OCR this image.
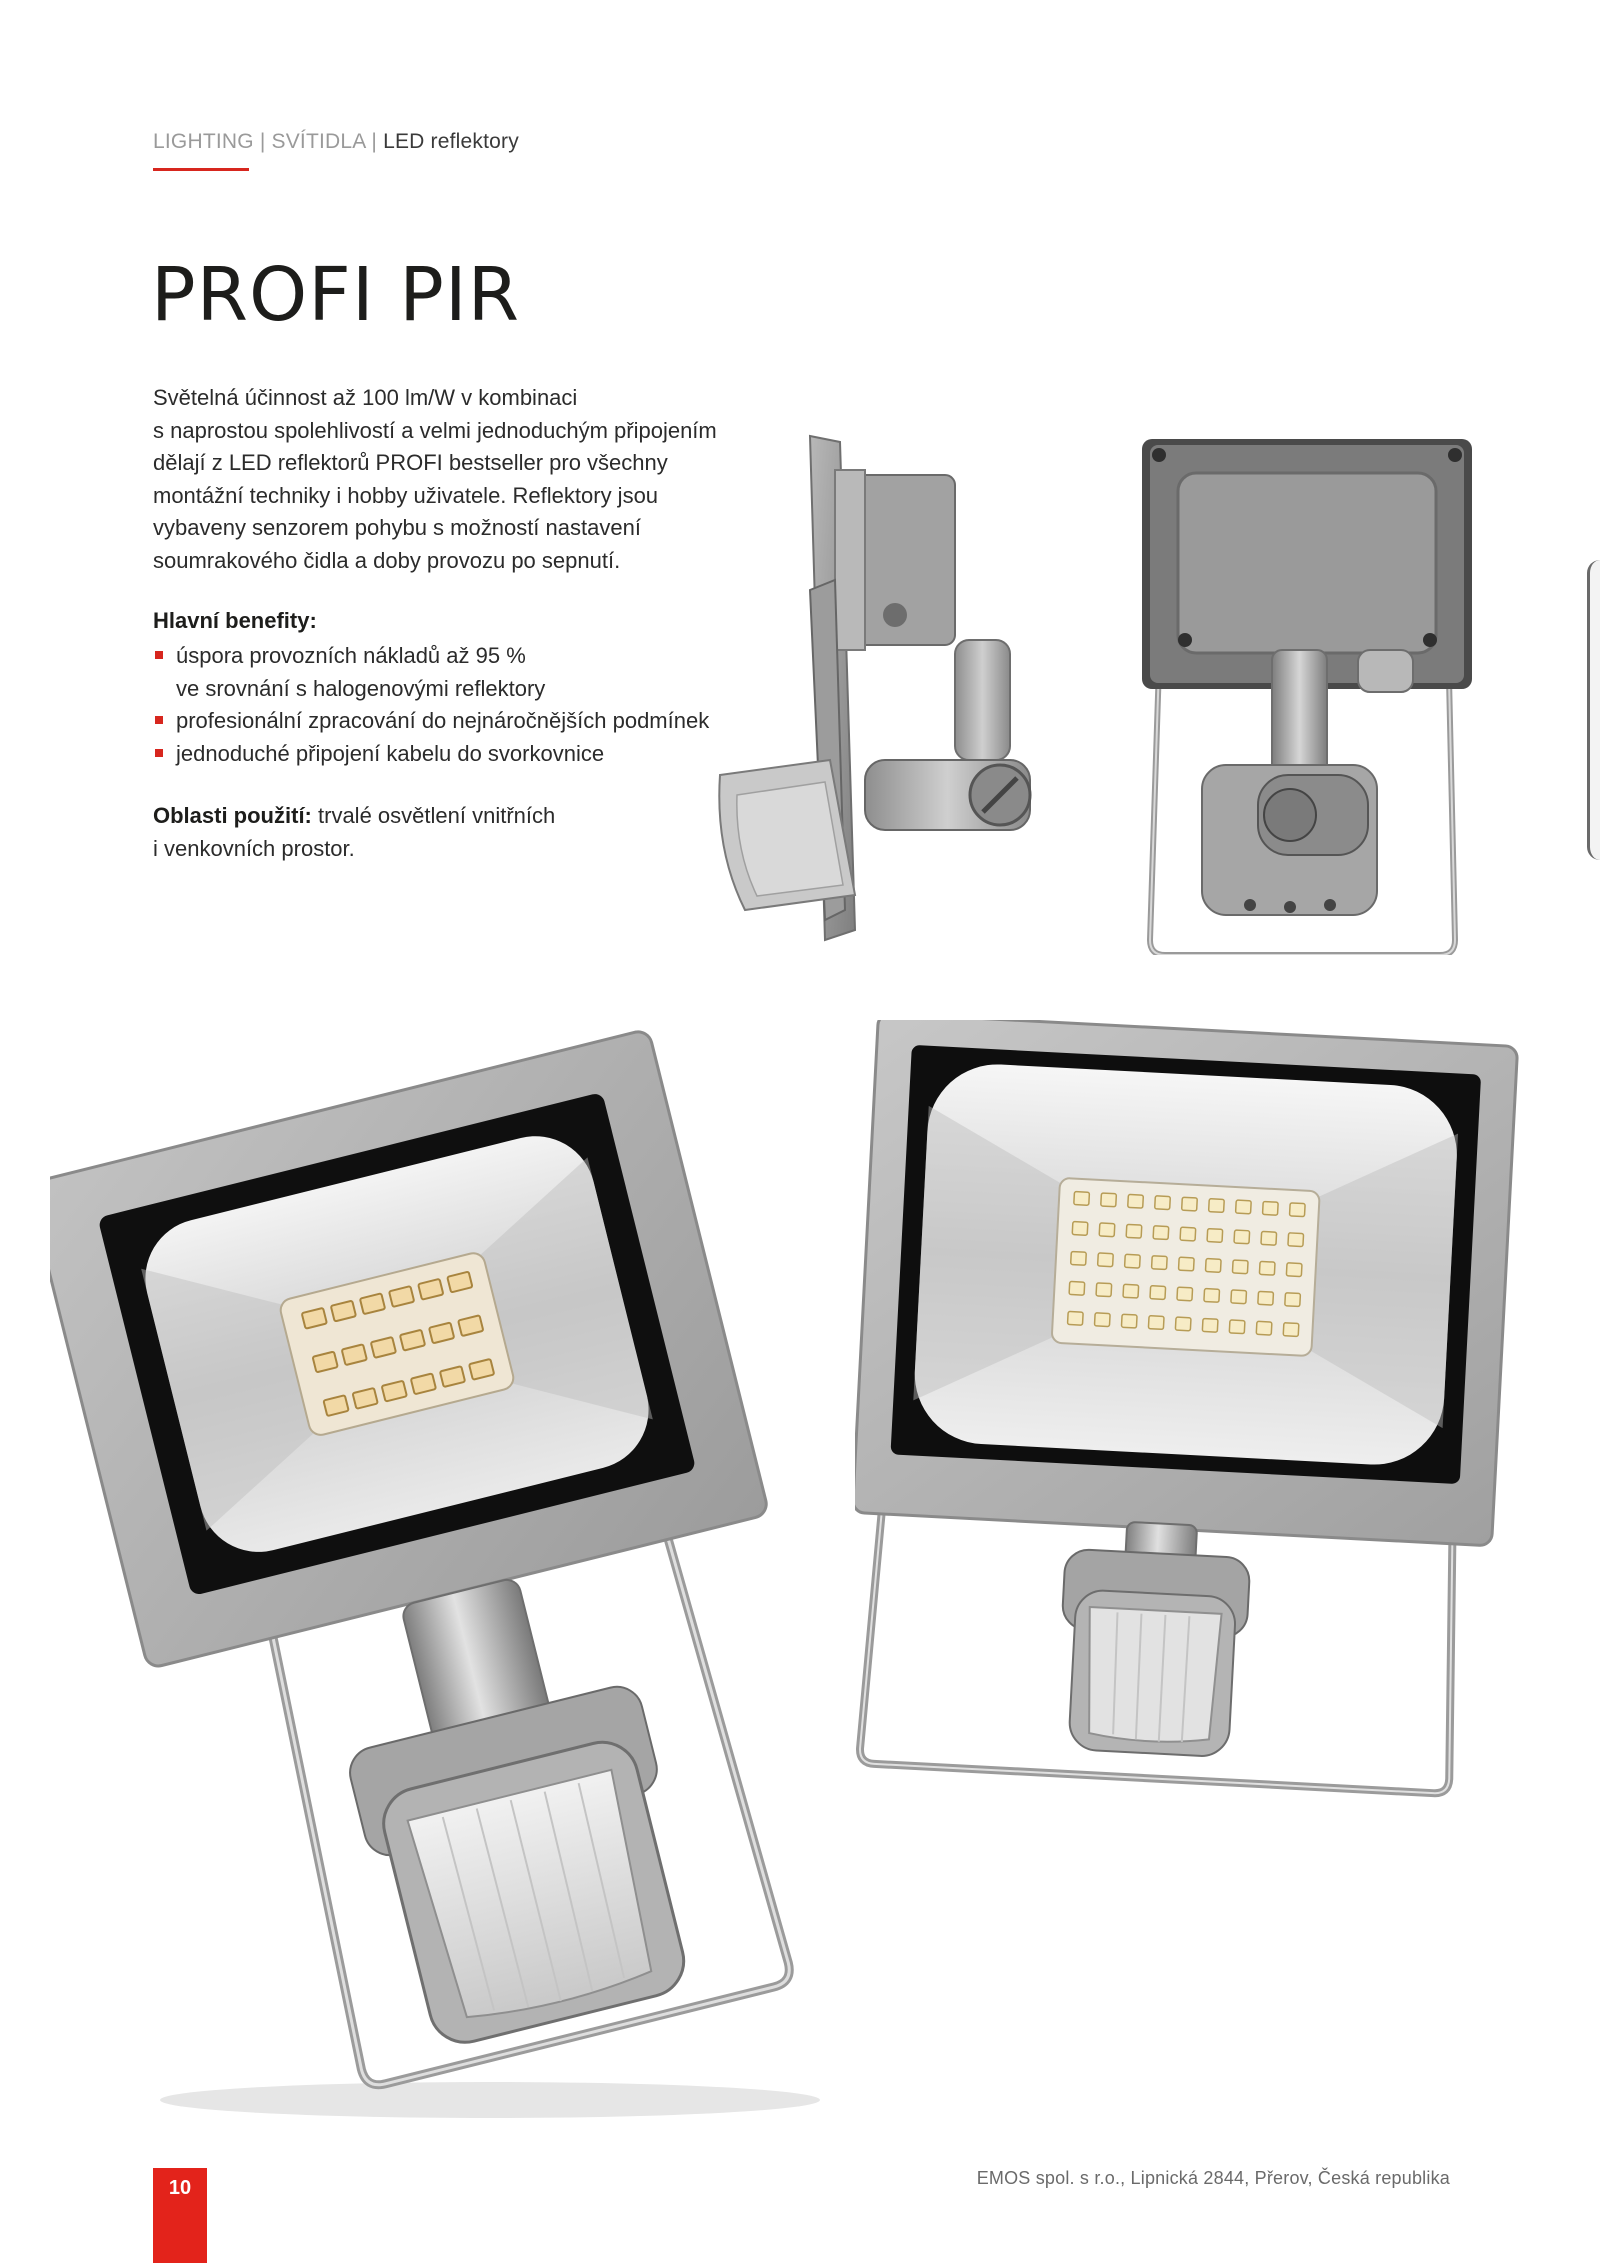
LIGHTING | SVÍTIDLA | LED reflektory
PROFI PIR

Světelná účinnost až 100 lm/W v kombinaci
s naprostou spolehlivostí a velmi jednoduchým připojením
dělají z LED reflektorů PROFI bestseller pro všechny
montážní techniky i hobby uživatele. Reflektory jsou
vybaveny senzorem pohybu s možností nastavení
soumrakového čidla a doby provozu po sepnutí.

Hlavní benefity:

úspora provozních nákladů až 95 %
ve srovnání s halogenovými reflektory
profesionální zpracování do nejnáročnějších podmínek
jednoduché připojení kabelu do svorkovnice

Oblasti použití: trvalé osvětlení vnitřních
i venkovních prostor.

10	EMOS spol. s r.o., Lipnická 2844, Přerov, Česká republika
